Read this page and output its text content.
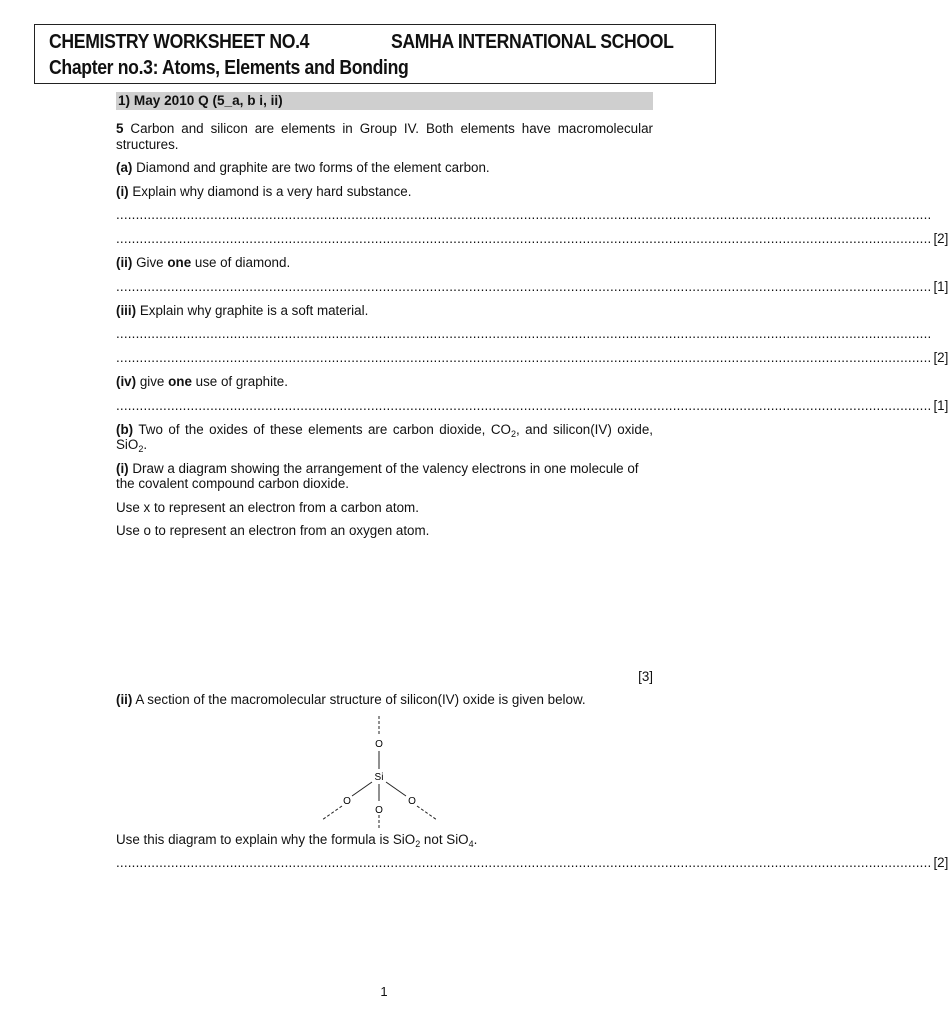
CHEMISTRY WORKSHEET NO.4	SAMHA INTERNATIONAL SCHOOL
Chapter no.3: Atoms, Elements and Bonding
1) May 2010 Q (5_a, b i, ii)

5 Carbon and silicon are elements in Group IV. Both elements have macromolecular structures.

(a) Diamond and graphite are two forms of the element carbon.

(i) Explain why diamond is a very hard substance.

................................................................................................................................................................................................................
................................................................................................................................................................................................................ [2]

(ii) Give one use of diamond.

................................................................................................................................................................................................................ [1]

(iii) Explain why graphite is a soft material.

................................................................................................................................................................................................................
................................................................................................................................................................................................................ [2]

(iv) give one use of graphite.

................................................................................................................................................................................................................ [1]

(b) Two of the oxides of these elements are carbon dioxide, $CO_2$, and silicon(IV) oxide, SiO$_2$.

(i) Draw a diagram showing the arrangement of the valency electrons in one molecule of the covalent compound carbon dioxide.

Use x to represent an electron from a carbon atom.

Use o to represent an electron from an oxygen atom.

[3]

(ii) A section of the macromolecular structure of silicon(IV) oxide is given below.

O
Si
O	O
O

Use this diagram to explain why the formula is SiO$_2$ not SiO$_4$.

................................................................................................................................................................................................................ [2]
1
